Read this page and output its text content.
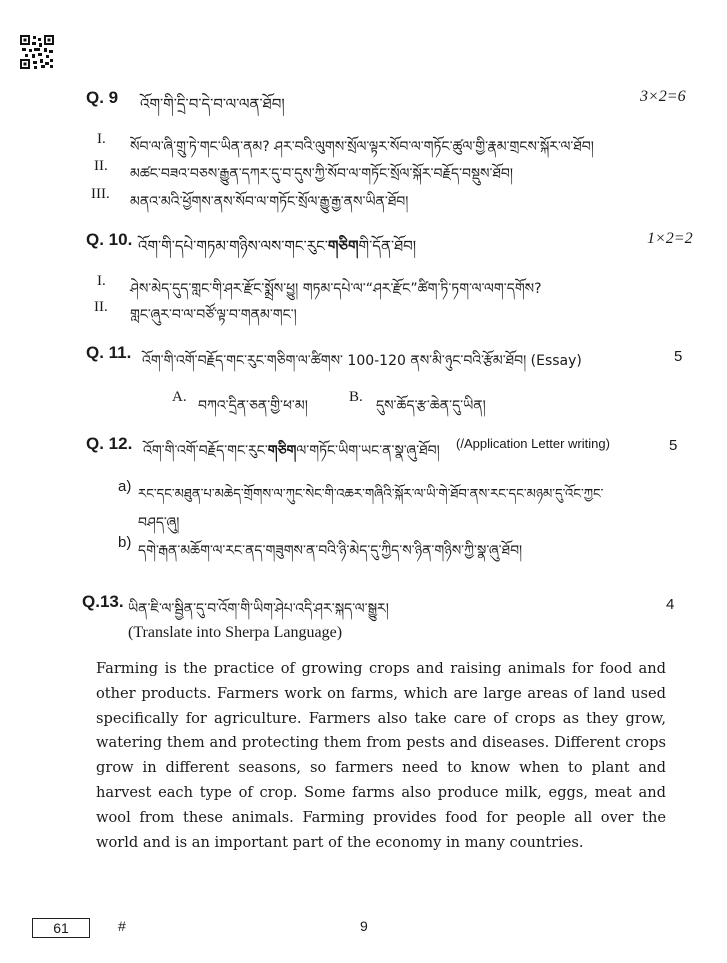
Q. 9 འོག་གི་དྲི་བ་དེ་བ་ལ་ལན་ཐོབ།	3×2=6
I. སོབ་ལ་ཞི་གྲུ་ཏེ་གང་ཡིན་ནམ? ཤར་བའི་ལུགས་སྲོལ་ལྟར་སོབ་ལ་གཏོང་ཚུལ་གྱི་རྣམ་གྲངས་སྐོར་ལ་ཐོབ།
II. མཚང་བཟའ་བཅས་རྒྱུན་དཀར་དུ་བ་དུས་ཀྱི་སོབ་ལ་གཏོང་སྲོལ་སྐོར་བརྗོད་བསྡུས་ཐོབ།
III. མནའ་མའི་ཕྱོགས་ནས་སོབ་ལ་གཏོང་སྲོལ་རྒྱུ་རྒྱ་ནས་ཡིན་ཐོབ།
Q. 10. འོག་གི་དཔེ་གཏམ་གཉིས་ལས་གང་རུང་གཅིགགི་དོན་ཐོབ།	1×2=2
I. ཤེས་མེད་དུད་གླང་གི་ཤར་རྫོང་སྨྲོས་ཕྱུ། གཏམ་དཔེ་ལ་“ཤར་རྫོང”ཚིག་ཏི་ཏག་ལ་ལག་དགོས?
II. གླང་ཞུར་བ་ལ་བཙོ་ལྟ་བ་གནམ་གང་།
Q. 11. འོག་གི་འགོ་བརྗོད་གང་རུང་གཅིག་ལ་ཚིགས་ 100-120 ནས་མི་ཉུང་བའི་རྩོམ་ཐོབ། (Essay)	5
A.
བཀའ་དྲིན་ཅན་གྱི་ཕ་མ།
B.
དུས་ཆོད་རྩ་ཆེན་དུ་ཡིན།
Q. 12. འོག་གི་འགོ་བརྗོད་གང་རུང་གཅིགལ་གཏོང་ཡིག་ཡང་ན་སྣ་ཞུ་ཐོབ། (/Application Letter writing)	5
a) རང་དང་མཐུན་པ་མཆེད་གྲོགས་ལ་ཀུང་སེང་གི་འཆར་གཞིའི་སྐོར་ལ་ཡི་གེ་ཐོབ་ནས་རང་དང་མཉམ་དུ་འོང་ཀྱང་
བཤད་ཞུ།
b) དགེ་རྒན་མཆོག་ལ་རང་ནད་གཟུགས་ན་བའི་ཉི་མེད་དུ་ཀྱིད་ས་ཉིན་གཉིས་ཀྱི་སྣ་ཞུ་ཐོབ།
Q.13. ཡིན་ཇི་ལ་སྦྱིན་དུ་བ་འོག་གི་ཡིག་ཤེཔ་འདི་ཤར་སྐད་ལ་སྒྱུར།	4
(Translate into Sherpa Language)

Farming is the practice of growing crops and raising animals for food and other products. Farmers work on farms, which are large areas of land used specifically for agriculture. Farmers also take care of crops as they grow, watering them and protecting them from pests and diseases. Different crops grow in different seasons, so farmers need to know when to plant and harvest each type of crop. Some farms also produce milk, eggs, meat and wool from these animals. Farming provides food for people all over the world and is an important part of the economy in many countries.

61	#	9
